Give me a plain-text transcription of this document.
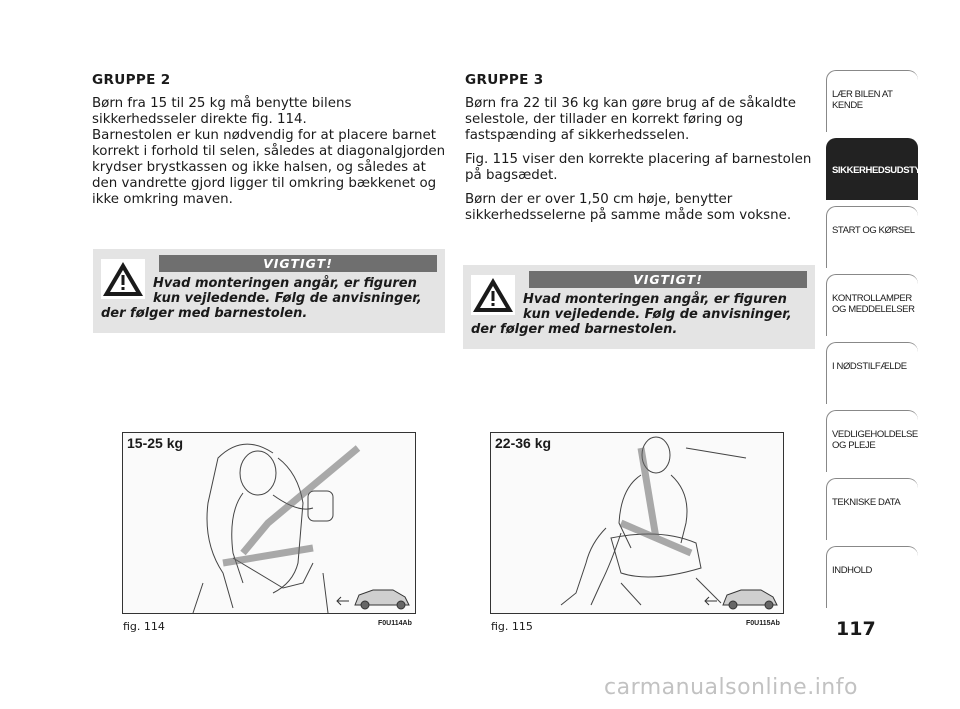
GRUPPE 2

Børn fra 15 til 25 kg må benytte bilens sikkerhedsseler direkte fig. 114.
Barnestolen er kun nødvendig for at placere barnet korrekt i forhold til selen, således at diagonalgjorden krydser brystkassen og ikke halsen, og således at den vandrette gjord ligger til omkring bækkenet og ikke omkring maven.

GRUPPE 3

Børn fra 22 til 36 kg kan gøre brug af de såkaldte selestole, der tillader en korrekt føring og fastspænding af sikkerhedsselen.

Fig. 115 viser den korrekte placering af barnestolen på bagsædet.

Børn der er over 1,50 cm høje, benytter sikkerhedsselerne på samme måde som voksne.

VIGTIGT!
Hvad monteringen angår, er figuren kun vejledende. Følg de anvisninger, der følger med barnestolen.
VIGTIGT!
Hvad monteringen angår, er figuren kun vejledende. Følg de anvisninger, der følger med barnestolen.
15-25 kg
fig. 114	F0U114Ab
22-36 kg
fig. 115	F0U115Ab
LÆR BILEN AT KENDE
SIKKERHEDSUDSTYR
START OG KØRSEL
KONTROLLAMPER OG MEDDELELSER
I NØDSTILFÆLDE
VEDLIGEHOLDELSE OG PLEJE
TEKNISKE DATA
INDHOLD
117
carmanualsonline.info
